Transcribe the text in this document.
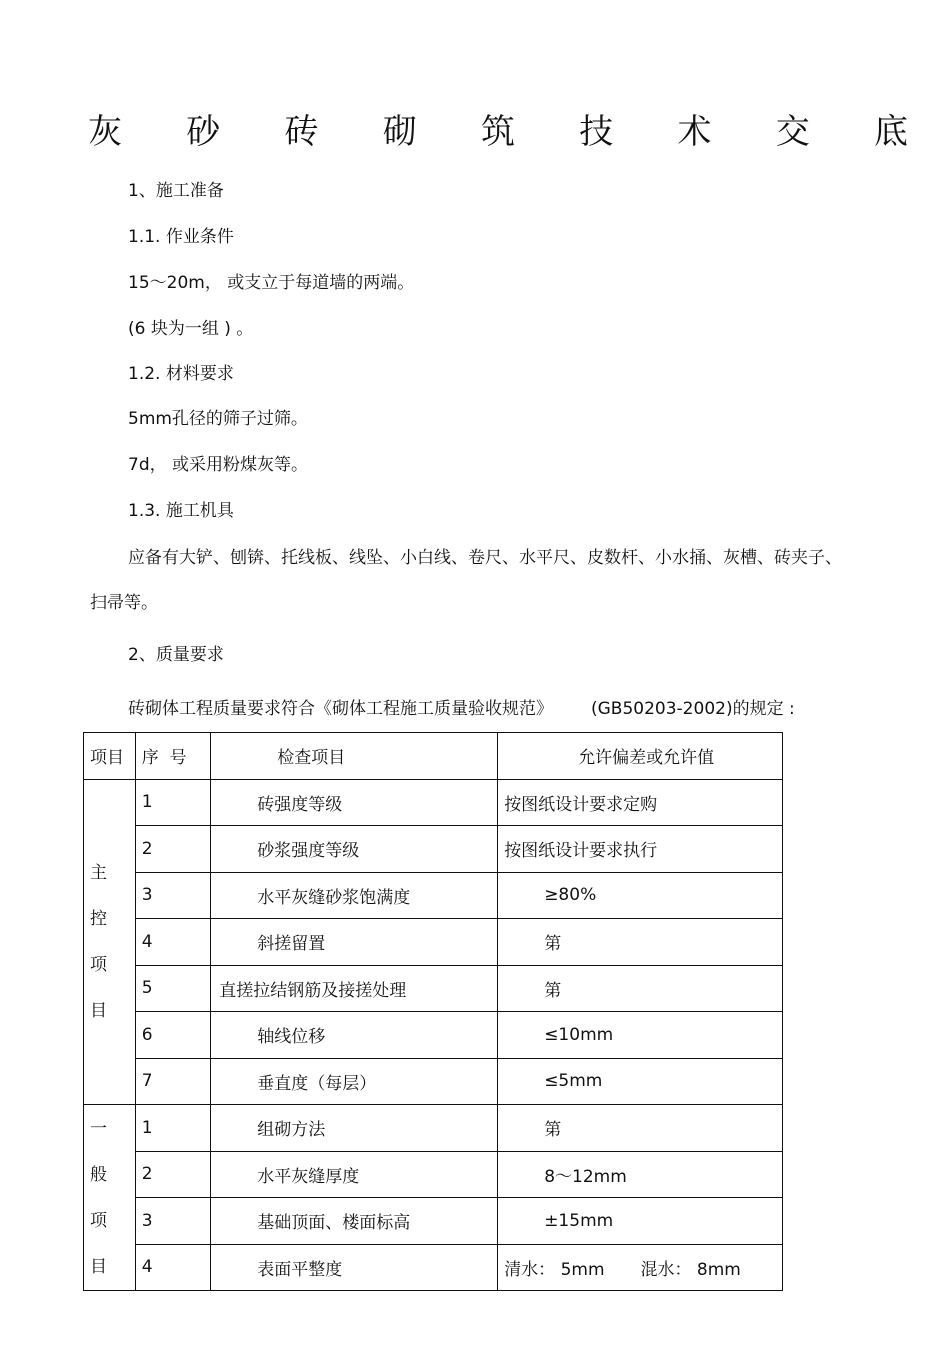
灰 砂 砖 砌 筑 技 术 交 底
1、施工准备
1.1. 作业条件
15～20m， 或支立于每道墙的两端。
(6 块为一组 ) 。
1.2. 材料要求
5mm孔径的筛子过筛。
7d， 或采用粉煤灰等。
1.3. 施工机具
应备有大铲、刨锛、托线板、线坠、小白线、卷尺、水平尺、皮数杆、小水捅、灰槽、砖夹子、
扫帚等。
2、质量要求
砖砌体工程质量要求符合《砌体工程施工质量验收规范》 (GB50203-2002)的规定 :
项目	序  号	检查项目	允许偏差或允许值
主
控
项
目	1	砖强度等级	按图纸设计要求定购
	2	砂浆强度等级	按图纸设计要求执行
	3	水平灰缝砂浆饱满度	≥80%
	4	斜搓留置	第
	5	直搓拉结钢筋及接搓处理	第
	6	轴线位移	≤10mm
	7	垂直度（每层）	≤5mm
一
般
项
目	1	组砌方法	第
	2	水平灰缝厚度	8～12mm
	3	基础顶面、楼面标高	±15mm
	4	表面平整度	清水： 5mm 混水： 8mm
